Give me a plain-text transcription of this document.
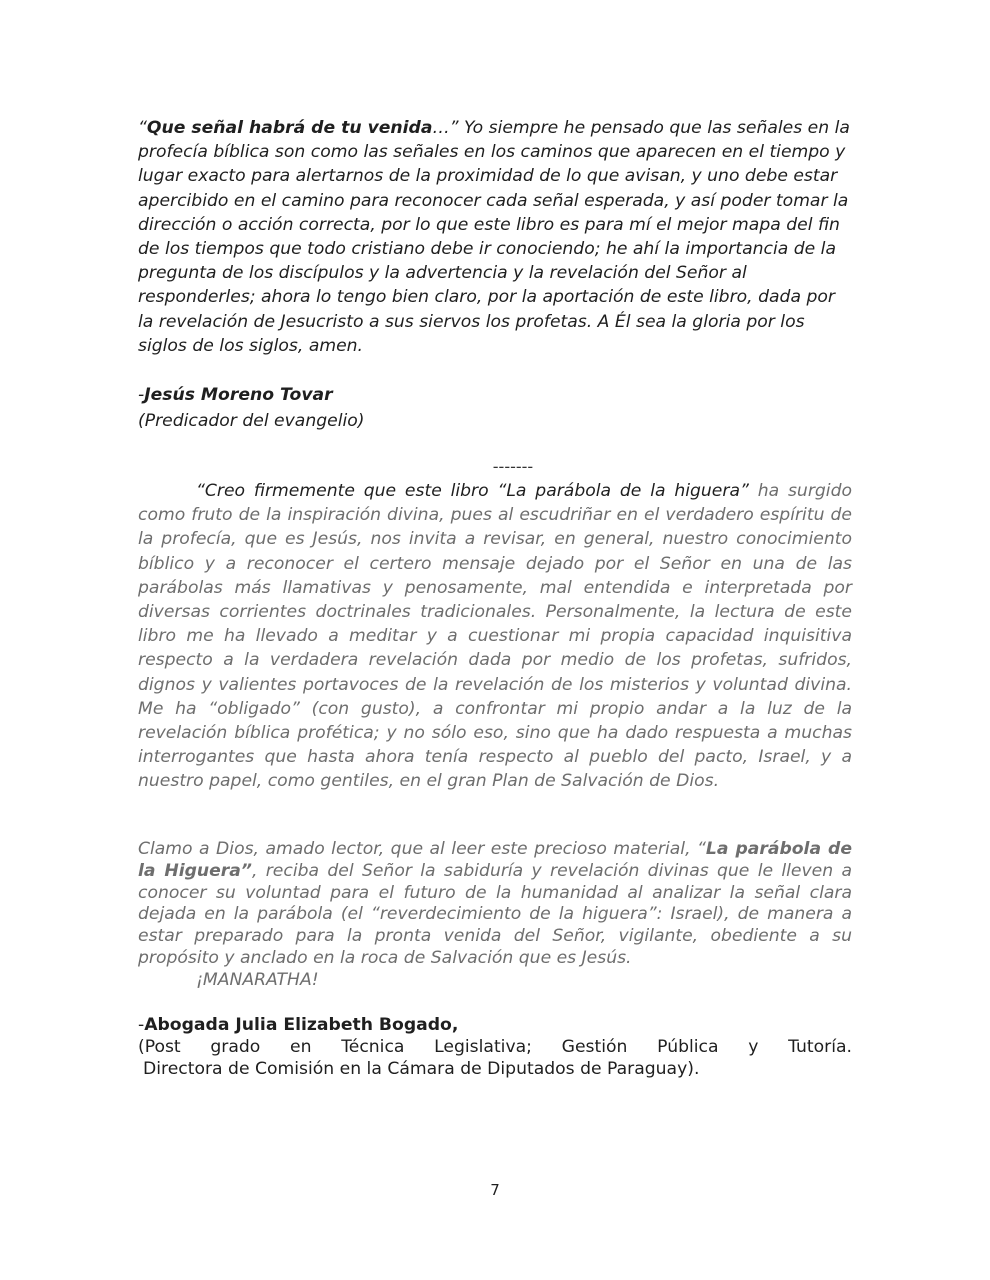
“Que señal habrá de tu venida…” Yo siempre he pensado que las señales en la profecía bíblica son como las señales en los caminos que aparecen en el tiempo y lugar exacto para alertarnos de la proximidad de lo que avisan, y uno debe estar apercibido en el camino para reconocer cada señal esperada, y así poder tomar la dirección o acción correcta, por lo que este libro es para mí el mejor mapa del fin de los tiempos que todo cristiano debe ir conociendo; he ahí la importancia de la pregunta de los discípulos y la advertencia y la revelación del Señor al responderles; ahora lo tengo bien claro, por la aportación de este libro, dada por la revelación de Jesucristo a sus siervos los profetas. A Él sea la gloria por los siglos de los siglos, amen.
-Jesús Moreno Tovar
(Predicador del evangelio)
-------
“Creo firmemente que este libro “La parábola de la higuera” ha surgido como fruto de la inspiración divina, pues al escudriñar en el verdadero espíritu de la profecía, que es Jesús, nos invita a revisar, en general, nuestro conocimiento bíblico y a reconocer el certero mensaje dejado por el Señor en una de las parábolas más llamativas y penosamente, mal entendida e interpretada por diversas corrientes doctrinales tradicionales. Personalmente, la lectura de este libro me ha llevado a meditar y a cuestionar mi propia capacidad inquisitiva respecto a la verdadera revelación dada por medio de los profetas, sufridos, dignos y valientes portavoces de la revelación de los misterios y voluntad divina. Me ha “obligado” (con gusto), a confrontar mi propio andar a la luz de la revelación bíblica profética; y no sólo eso, sino que ha dado respuesta a muchas interrogantes que hasta ahora tenía respecto al pueblo del pacto, Israel, y a nuestro papel, como gentiles, en el gran Plan de Salvación de Dios.
Clamo a Dios, amado lector, que al leer este precioso material, “La parábola de la Higuera”, reciba del Señor la sabiduría y revelación divinas que le lleven a conocer su voluntad para el futuro de la humanidad al analizar la señal clara dejada en la parábola (el “reverdecimiento de la higuera”: Israel), de manera a estar preparado para la pronta venida del Señor, vigilante, obediente a su propósito y anclado en la roca de Salvación que es Jesús.
¡MANARATHA!
-Abogada Julia Elizabeth Bogado,
(Post grado en Técnica Legislativa; Gestión Pública y Tutoría.
Directora de Comisión en la Cámara de Diputados de Paraguay).
7
